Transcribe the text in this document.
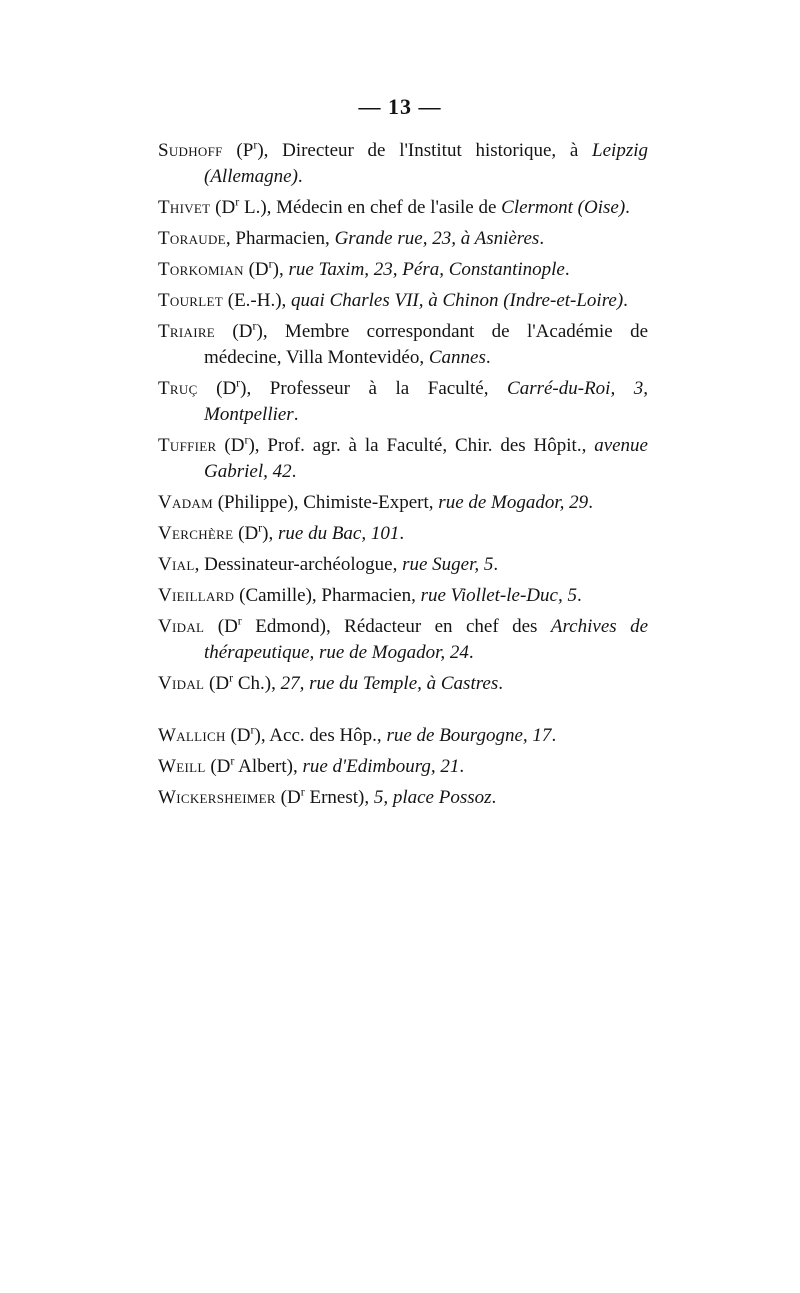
— 13 —
Sudhoff $(P^r)$, Directeur de l'Institut historique, à Leipzig (Allemagne).
Thivet ($D^r$ L.), Médecin en chef de l'asile de Clermont (Oise).
Toraude, Pharmacien, Grande rue, 23, à Asnières.
Torkomian $(D^r)$, rue Taxim, 23, Péra, Constantinople.
Tourlet (E.-H.), quai Charles VII, à Chinon (Indre-et-Loire).
Triaire $(D^r)$, Membre correspondant de l'Académie de médecine, Villa Montevidéo, Cannes.
Truç $(D^r)$, Professeur à la Faculté, Carré-du-Roi, 3, Montpellier.
Tuffier $(D^r)$, Prof. agr. à la Faculté, Chir. des Hôpit., avenue Gabriel, 42.
Vadam (Philippe), Chimiste-Expert, rue de Mogador, 29.
Verchère $(D^r)$, rue du Bac, 101.
Vial, Dessinateur-archéologue, rue Suger, 5.
Vieillard (Camille), Pharmacien, rue Viollet-le-Duc, 5.
Vidal ($D^r$ Edmond), Rédacteur en chef des Archives de thérapeutique, rue de Mogador, 24.
Vidal ($D^r$ Ch.), 27, rue du Temple, à Castres.
Wallich $(D^r)$, Acc. des Hôp., rue de Bourgogne, 17.
Weill ($D^r$ Albert), rue d'Edimbourg, 21.
Wickersheimer ($D^r$ Ernest), 5, place Possoz.
